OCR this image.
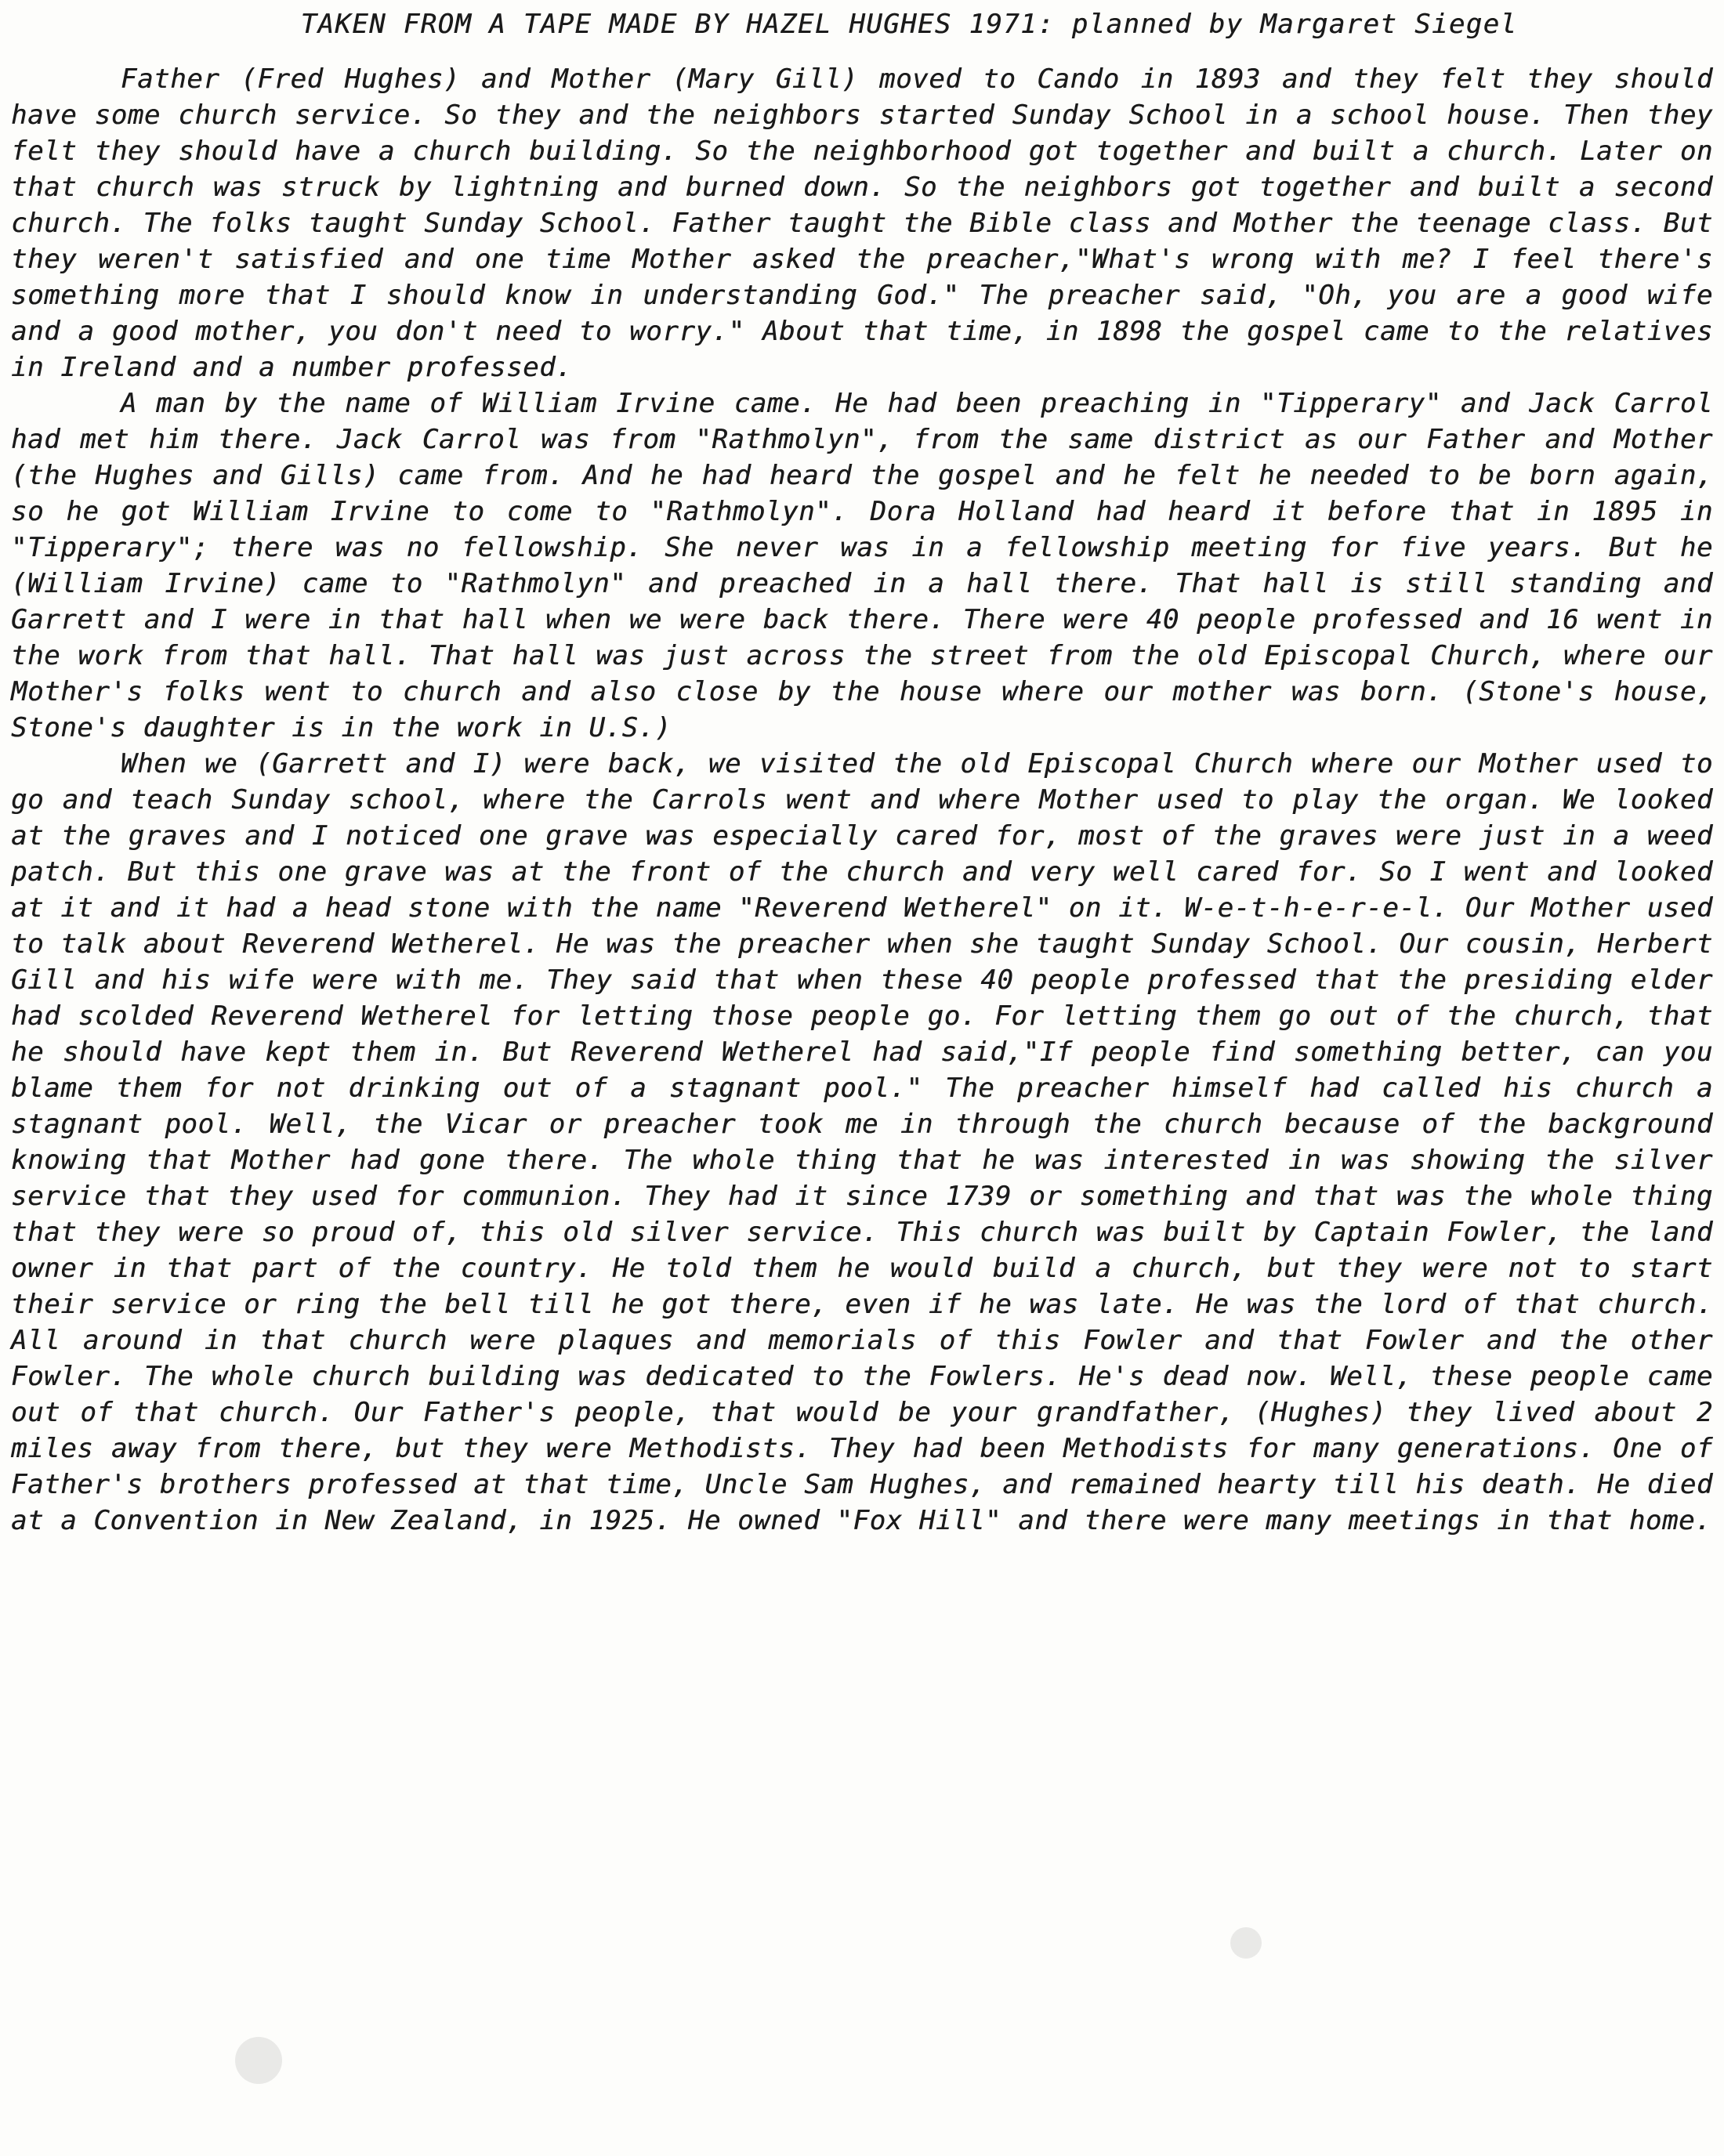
TAKEN FROM A TAPE MADE BY HAZEL HUGHES 1971: planned by Margaret Siegel

Father (Fred Hughes) and Mother (Mary Gill) moved to Cando in 1893 and they felt they should have some church service. So they and the neighbors started Sunday School in a school house. Then they felt they should have a church building. So the neighborhood got together and built a church. Later on that church was struck by lightning and burned down. So the neighbors got together and built a second church. The folks taught Sunday School. Father taught the Bible class and Mother the teenage class. But they weren't satisfied and one time Mother asked the preacher,"What's wrong with me? I feel there's something more that I should know in understanding God." The preacher said, "Oh, you are a good wife and a good mother, you don't need to worry." About that time, in 1898 the gospel came to the relatives in Ireland and a number professed.

A man by the name of William Irvine came. He had been preaching in "Tipperary" and Jack Carrol had met him there. Jack Carrol was from "Rathmolyn", from the same district as our Father and Mother (the Hughes and Gills) came from. And he had heard the gospel and he felt he needed to be born again, so he got William Irvine to come to "Rathmolyn". Dora Holland had heard it before that in 1895 in "Tipperary"; there was no fellowship. She never was in a fellowship meeting for five years. But he (William Irvine) came to "Rathmolyn" and preached in a hall there. That hall is still standing and Garrett and I were in that hall when we were back there. There were 40 people professed and 16 went in the work from that hall. That hall was just across the street from the old Episcopal Church, where our Mother's folks went to church and also close by the house where our mother was born. (Stone's house, Stone's daughter is in the work in U.S.)

When we (Garrett and I) were back, we visited the old Episcopal Church where our Mother used to go and teach Sunday school, where the Carrols went and where Mother used to play the organ. We looked at the graves and I noticed one grave was especially cared for, most of the graves were just in a weed patch. But this one grave was at the front of the church and very well cared for. So I went and looked at it and it had a head stone with the name "Reverend Wetherel" on it. W-e-t-h-e-r-e-l. Our Mother used to talk about Reverend Wetherel. He was the preacher when she taught Sunday School. Our cousin, Herbert Gill and his wife were with me. They said that when these 40 people professed that the presiding elder had scolded Reverend Wetherel for letting those people go. For letting them go out of the church, that he should have kept them in. But Reverend Wetherel had said,"If people find something better, can you blame them for not drinking out of a stagnant pool." The preacher himself had called his church a stagnant pool. Well, the Vicar or preacher took me in through the church because of the background knowing that Mother had gone there. The whole thing that he was interested in was showing the silver service that they used for communion. They had it since 1739 or something and that was the whole thing that they were so proud of, this old silver service. This church was built by Captain Fowler, the land owner in that part of the country. He told them he would build a church, but they were not to start their service or ring the bell till he got there, even if he was late. He was the lord of that church. All around in that church were plaques and memorials of this Fowler and that Fowler and the other Fowler. The whole church building was dedicated to the Fowlers. He's dead now. Well, these people came out of that church. Our Father's people, that would be your grandfather, (Hughes) they lived about 2 miles away from there, but they were Methodists. They had been Methodists for many generations. One of Father's brothers professed at that time, Uncle Sam Hughes, and remained hearty till his death. He died at a Convention in New Zealand, in 1925. He owned "Fox Hill" and there were many meetings in that home.
